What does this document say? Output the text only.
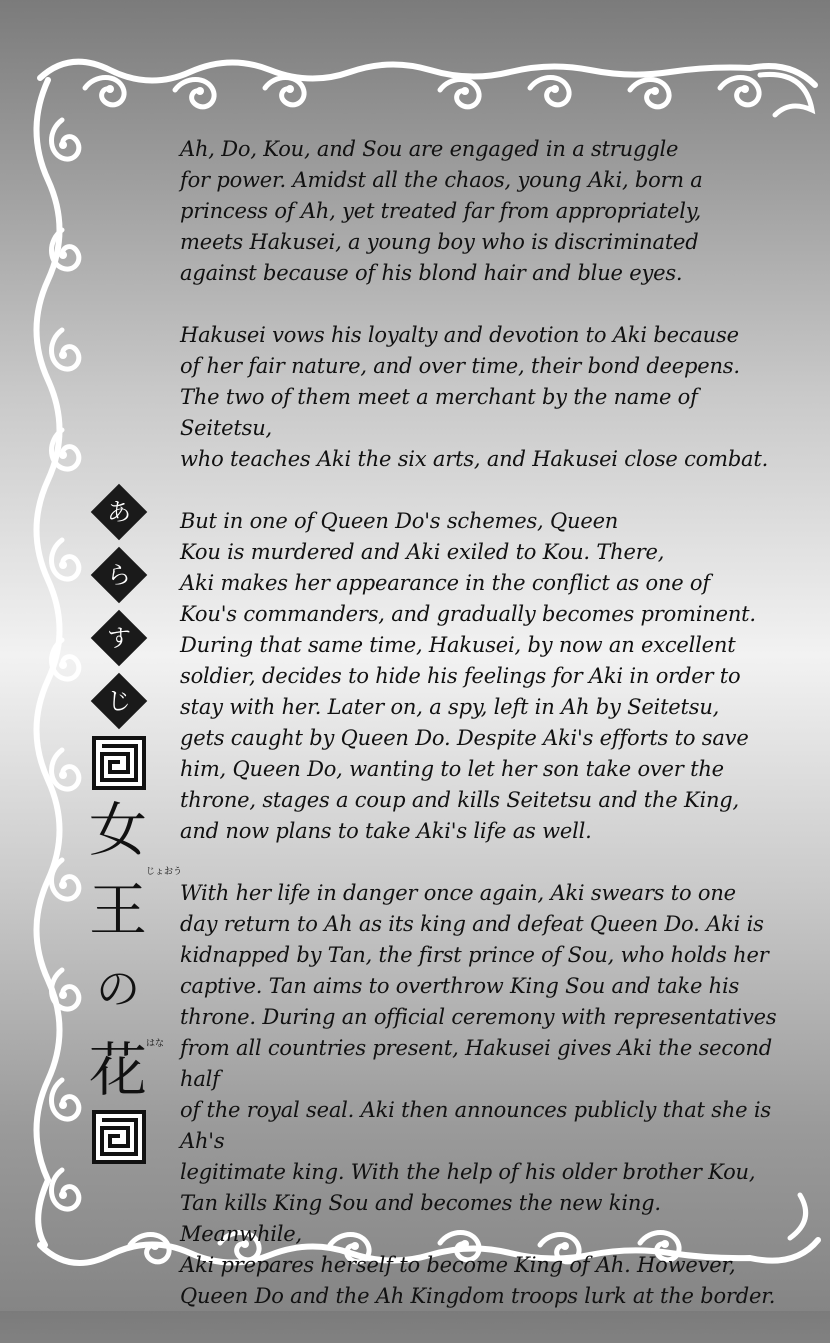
Ah, Do, Kou, and Sou are engaged in a struggle
for power. Amidst all the chaos, young Aki, born a
princess of Ah, yet treated far from appropriately,
meets Hakusei, a young boy who is discriminated
against because of his blond hair and blue eyes.

Hakusei vows his loyalty and devotion to Aki because
of her fair nature, and over time, their bond deepens.
The two of them meet a merchant by the name of Seitetsu,
who teaches Aki the six arts, and Hakusei close combat.

But in one of Queen Do's schemes, Queen
Kou is murdered and Aki exiled to Kou. There,
Aki makes her appearance in the conflict as one of
Kou's commanders, and gradually becomes prominent.
During that same time, Hakusei, by now an excellent
soldier, decides to hide his feelings for Aki in order to
stay with her. Later on, a spy, left in Ah by Seitetsu,
gets caught by Queen Do. Despite Aki's efforts to save
him, Queen Do, wanting to let her son take over the
throne, stages a coup and kills Seitetsu and the King,
and now plans to take Aki's life as well.

With her life in danger once again, Aki swears to one
day return to Ah as its king and defeat Queen Do. Aki is
kidnapped by Tan, the first prince of Sou, who holds her
captive. Tan aims to overthrow King Sou and take his
throne. During an official ceremony with representatives
from all countries present, Hakusei gives Aki the second half
of the royal seal. Aki then announces publicly that she is Ah's
legitimate king. With the help of his older brother Kou,
Tan kills King Sou and becomes the new king. Meanwhile,
Aki prepares herself to become King of Ah. However,
Queen Do and the Ah Kingdom troops lurk at the border.

あ
ら
す
じ
女
王
の
花
じょおう
はな
